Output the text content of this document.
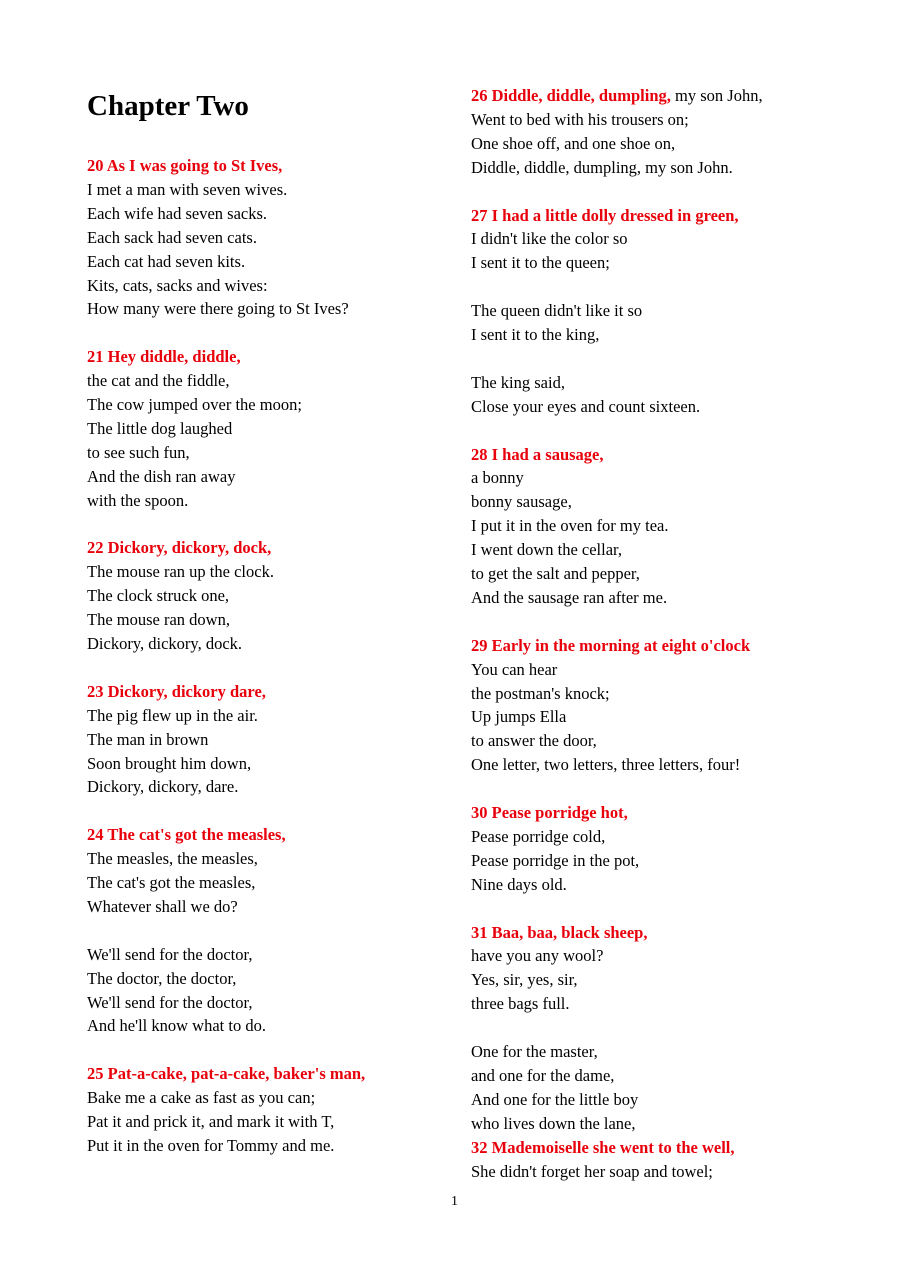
Chapter Two
20 As I was going to St Ives,
I met a man with seven wives.
Each wife had seven sacks.
Each sack had seven cats.
Each cat had seven kits.
Kits, cats, sacks and wives:
How many were there going to St Ives?
21 Hey diddle, diddle,
the cat and the fiddle,
The cow jumped over the moon;
The little dog laughed
to see such fun,
And the dish ran away
with the spoon.
22 Dickory, dickory, dock,
The mouse ran up the clock.
The clock struck one,
The mouse ran down,
Dickory, dickory, dock.
23 Dickory, dickory dare,
The pig flew up in the air.
The man in brown
Soon brought him down,
Dickory, dickory, dare.
24 The cat's got the measles,
The measles, the measles,
The cat's got the measles,
Whatever shall we do?
We'll send for the doctor,
The doctor, the doctor,
We'll send for the doctor,
And he'll know what to do.
25 Pat-a-cake, pat-a-cake, baker's man,
Bake me a cake as fast as you can;
Pat it and prick it, and mark it with T,
Put it in the oven for Tommy and me.
26 Diddle, diddle, dumpling, my son John,
Went to bed with his trousers on;
One shoe off, and one shoe on,
Diddle, diddle, dumpling, my son John.
27 I had a little dolly dressed in green,
I didn't like the color so
I sent it to the queen;
The queen didn't like it so
I sent it to the king,
The king said,
Close your eyes and count sixteen.
28 I had a sausage,
a bonny
bonny sausage,
I put it in the oven for my tea.
I went down the cellar,
to get the salt and pepper,
And the sausage ran after me.
29 Early in the morning at eight o'clock
You can hear
the postman's knock;
Up jumps Ella
to answer the door,
One letter, two letters, three letters, four!
30 Pease porridge hot,
Pease porridge cold,
Pease porridge in the pot,
Nine days old.
31 Baa, baa, black sheep,
have you any wool?
Yes, sir, yes, sir,
three bags full.
One for the master,
and one for the dame,
And one for the little boy
who lives down the lane,
32 Mademoiselle she went to the well,
She didn't forget her soap and towel;
1
